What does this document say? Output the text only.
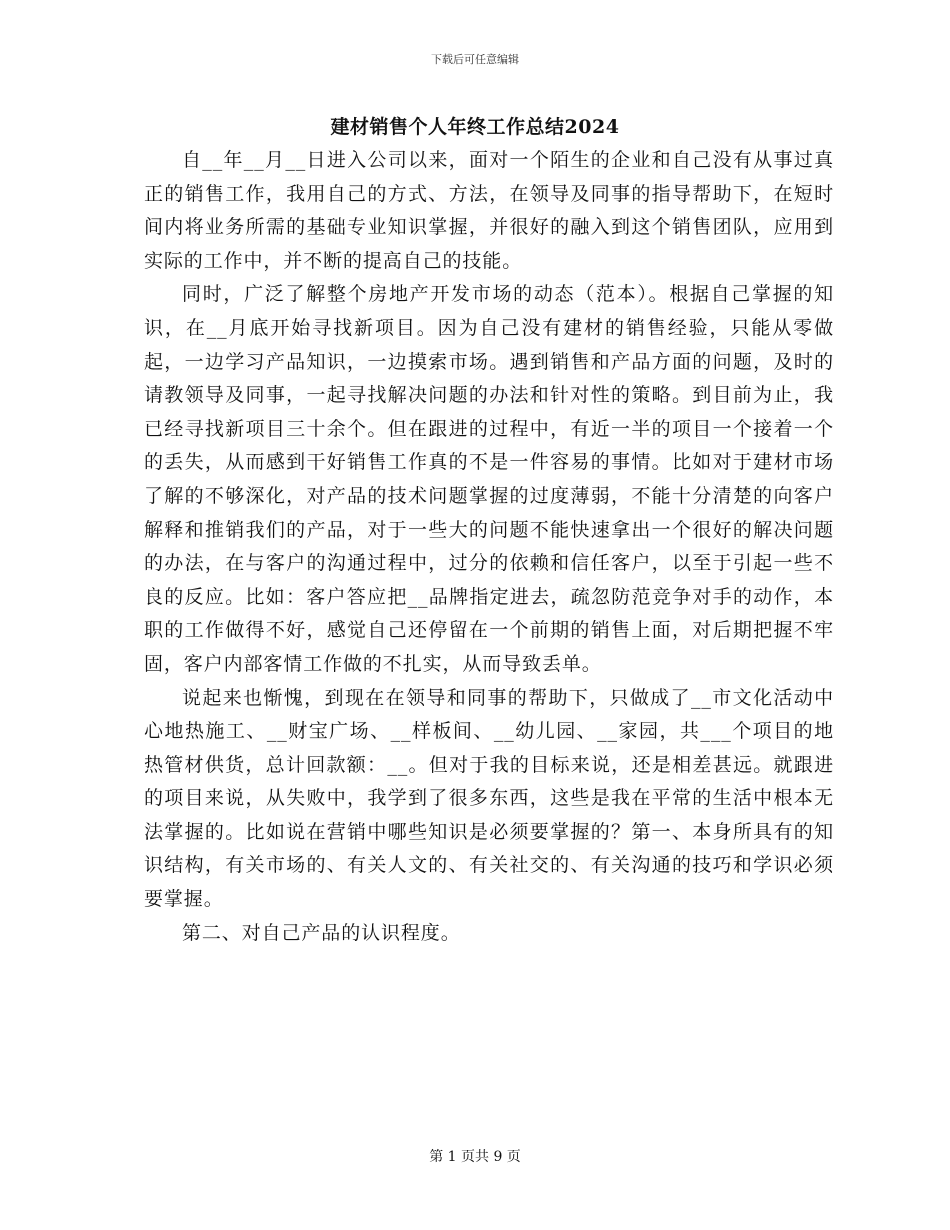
下载后可任意编辑
建材销售个人年终工作总结2024

自__年__月__日进入公司以来，面对一个陌生的企业和自己没有从事过真正的销售工作，我用自己的方式、方法，在领导及同事的指导帮助下，在短时间内将业务所需的基础专业知识掌握，并很好的融入到这个销售团队，应用到实际的工作中，并不断的提高自己的技能。

同时，广泛了解整个房地产开发市场的动态（范本）。根据自己掌握的知识，在__月底开始寻找新项目。因为自己没有建材的销售经验，只能从零做起，一边学习产品知识，一边摸索市场。遇到销售和产品方面的问题，及时的请教领导及同事，一起寻找解决问题的办法和针对性的策略。到目前为止，我已经寻找新项目三十余个。但在跟进的过程中，有近一半的项目一个接着一个的丢失，从而感到干好销售工作真的不是一件容易的事情。比如对于建材市场了解的不够深化，对产品的技术问题掌握的过度薄弱，不能十分清楚的向客户解释和推销我们的产品，对于一些大的问题不能快速拿出一个很好的解决问题的办法，在与客户的沟通过程中，过分的依赖和信任客户，以至于引起一些不良的反应。比如：客户答应把__品牌指定进去，疏忽防范竞争对手的动作，本职的工作做得不好，感觉自己还停留在一个前期的销售上面，对后期把握不牢固，客户内部客情工作做的不扎实，从而导致丢单。

说起来也惭愧，到现在在领导和同事的帮助下，只做成了__市文化活动中心地热施工、__财宝广场、__样板间、__幼儿园、__家园，共___个项目的地热管材供货，总计回款额：__。但对于我的目标来说，还是相差甚远。就跟进的项目来说，从失败中，我学到了很多东西，这些是我在平常的生活中根本无法掌握的。比如说在营销中哪些知识是必须要掌握的？第一、本身所具有的知识结构，有关市场的、有关人文的、有关社交的、有关沟通的技巧和学识必须要掌握。

第二、对自己产品的认识程度。

第 1 页共 9 页
